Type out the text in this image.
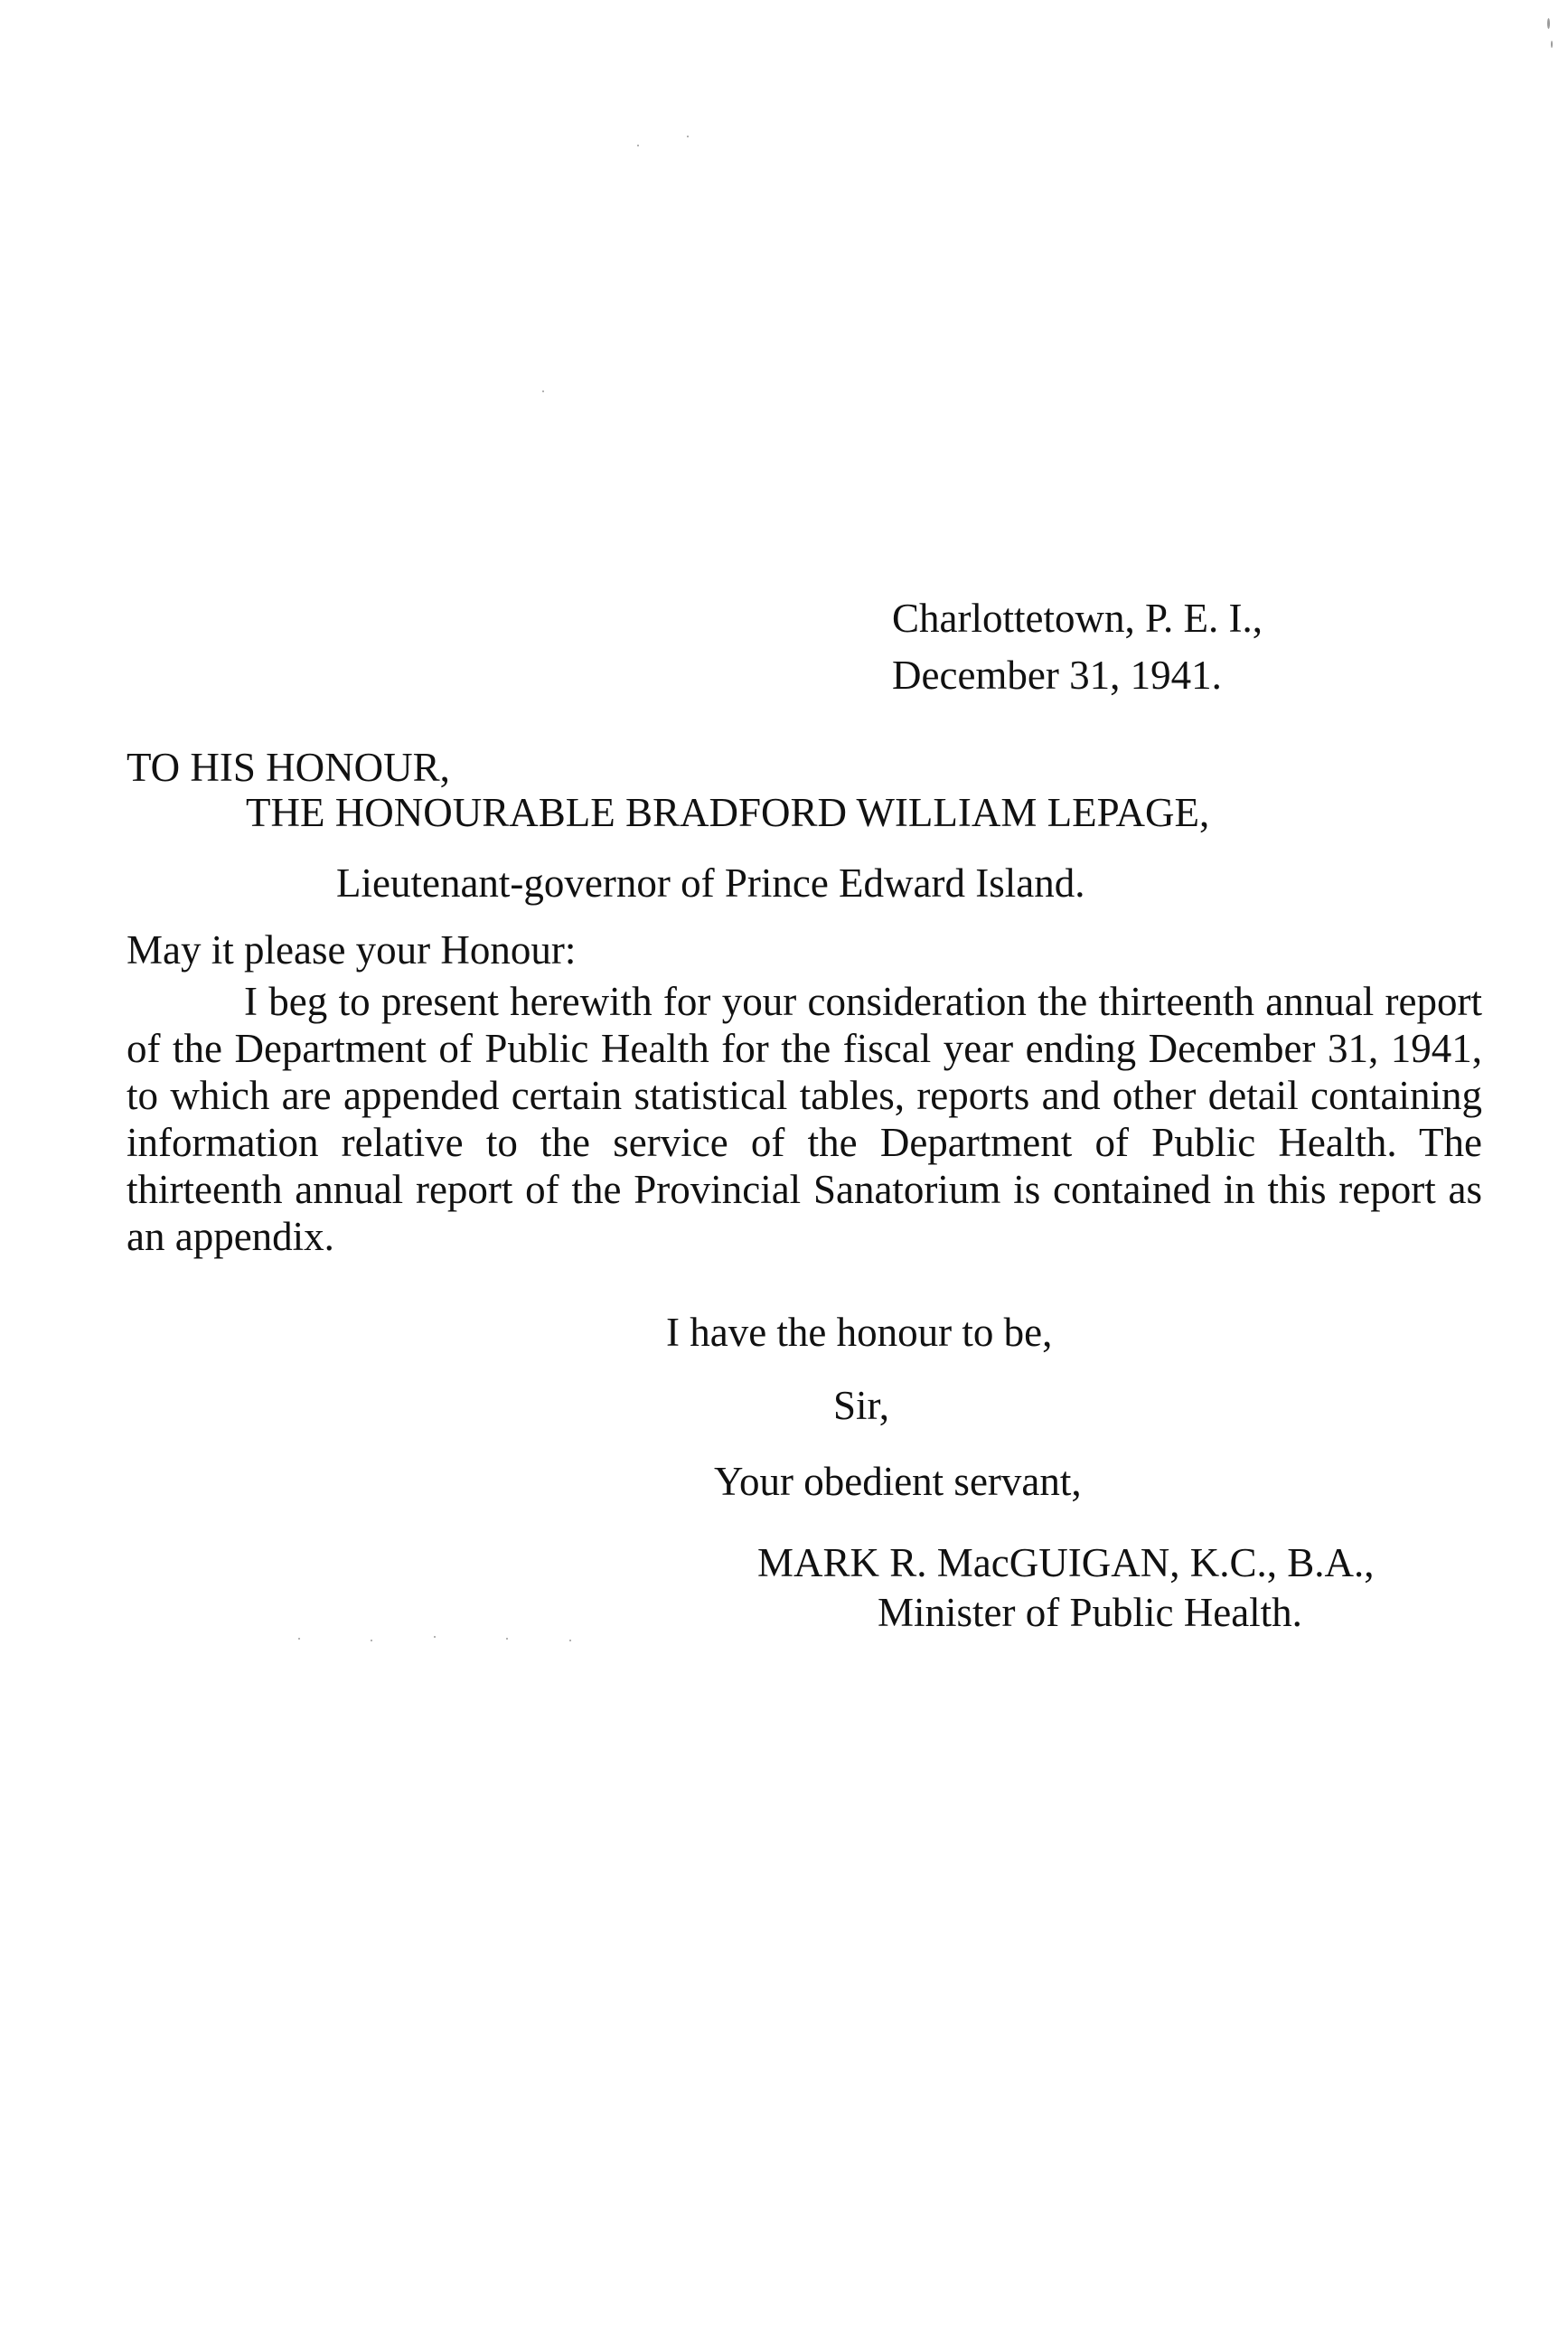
Charlottetown, P. E. I.,
December 31, 1941.
TO HIS HONOUR,
THE HONOURABLE BRADFORD WILLIAM LEPAGE,
Lieutenant-governor of Prince Edward Island.
May it please your Honour:

I beg to present herewith for your consideration the thirteenth annual report of the Department of Public Health for the fiscal year ending December 31, 1941, to which are appended certain statistical tables, reports and other detail containing information relative to the service of the Department of Public Health. The thirteenth annual report of the Provincial Sanatorium is contained in this report as an appendix.

I have the honour to be,
Sir,
Your obedient servant,
MARK R. MacGUIGAN, K.C., B.A.,
Minister of Public Health.
